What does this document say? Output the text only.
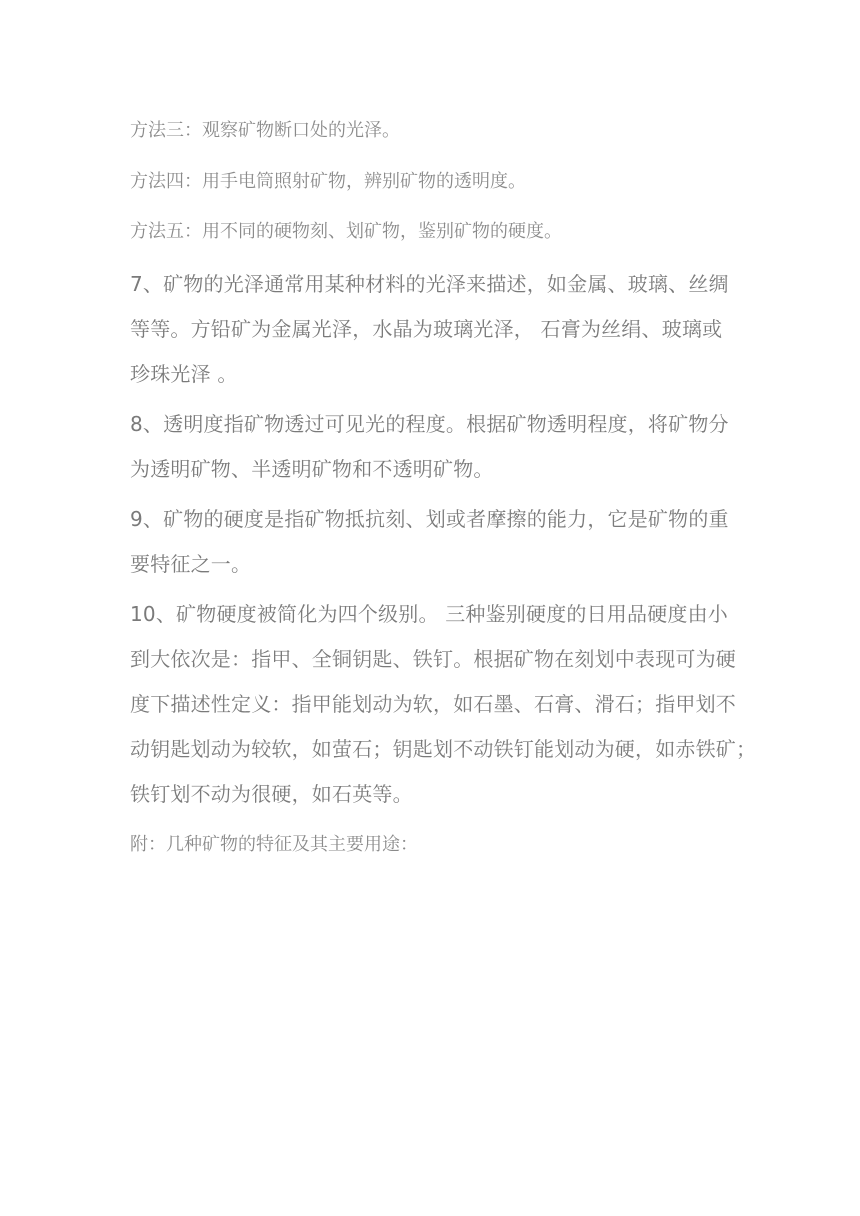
方法三：观察矿物断口处的光泽。
方法四：用手电筒照射矿物，辨别矿物的透明度。
方法五：用不同的硬物刻、划矿物，鉴别矿物的硬度。
7、矿物的光泽通常用某种材料的光泽来描述，如金属、玻璃、丝绸
等等。方铅矿为金属光泽，水晶为玻璃光泽， 石膏为丝绢、玻璃或
珍珠光泽 。
8、透明度指矿物透过可见光的程度。根据矿物透明程度，将矿物分
为透明矿物、半透明矿物和不透明矿物。
9、矿物的硬度是指矿物抵抗刻、划或者摩擦的能力，它是矿物的重
要特征之一。
10、矿物硬度被简化为四个级别。 三种鉴别硬度的日用品硬度由小
到大依次是：指甲、全铜钥匙、铁钉。根据矿物在刻划中表现可为硬
度下描述性定义：指甲能划动为软，如石墨、石膏、滑石；指甲划不
动钥匙划动为较软，如萤石；钥匙划不动铁钉能划动为硬，如赤铁矿；
铁钉划不动为很硬，如石英等。
附：几种矿物的特征及其主要用途：
